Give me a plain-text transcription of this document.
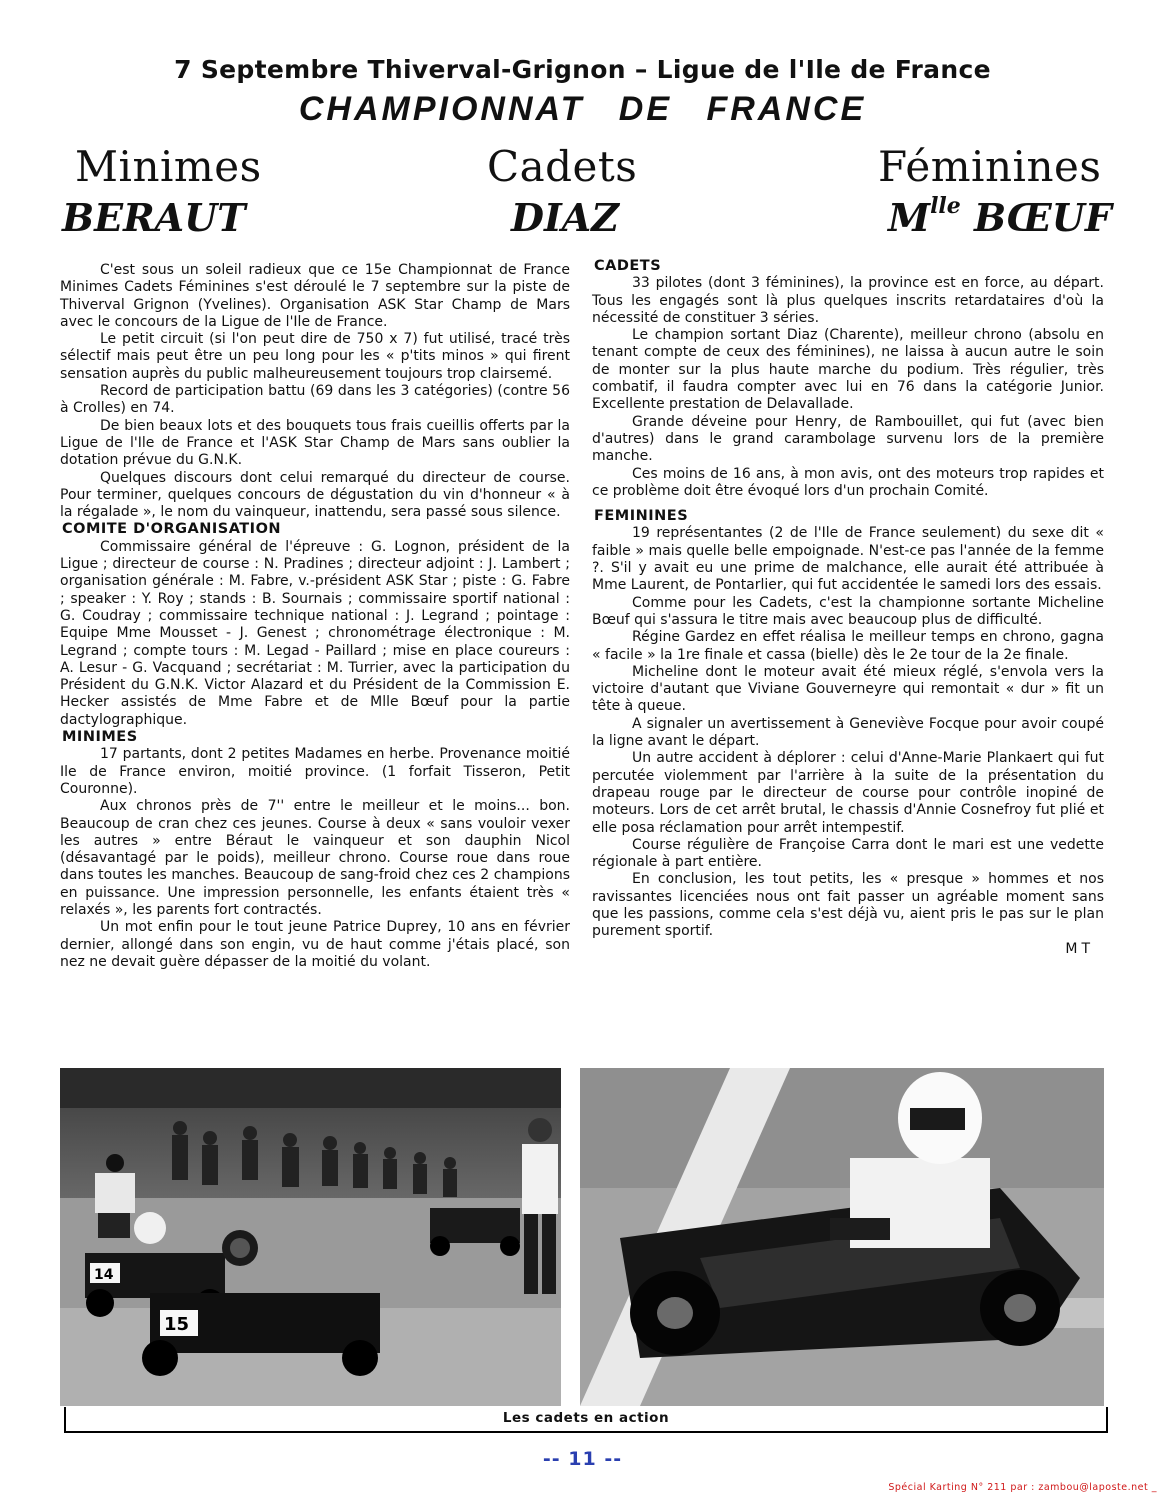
7 Septembre Thiverval-Grignon – Ligue de l'Ile de France
CHAMPIONNAT DE FRANCE
Minimes	Cadets	Féminines
BERAUT	DIAZ	$M^{lle}$ BŒUF

C'est sous un soleil radieux que ce 15e Championnat de France Minimes Cadets Féminines s'est déroulé le 7 septembre sur la piste de Thiverval Grignon (Yvelines). Organisation ASK Star Champ de Mars avec le concours de la Ligue de l'Ile de France.

Le petit circuit (si l'on peut dire de 750 x 7) fut utilisé, tracé très sélectif mais peut être un peu long pour les « p'tits minos » qui firent sensation auprès du public malheureusement toujours trop clairsemé.

Record de participation battu (69 dans les 3 catégories) (contre 56 à Crolles) en 74.

De bien beaux lots et des bouquets tous frais cueillis offerts par la Ligue de l'Ile de France et l'ASK Star Champ de Mars sans oublier la dotation prévue du G.N.K.

Quelques discours dont celui remarqué du directeur de course. Pour terminer, quelques concours de dégustation du vin d'honneur « à la régalade », le nom du vainqueur, inattendu, sera passé sous silence.

COMITE D'ORGANISATION

Commissaire général de l'épreuve : G. Lognon, président de la Ligue ; directeur de course : N. Pradines ; directeur adjoint : J. Lambert ; organisation générale : M. Fabre, v.-président ASK Star ; piste : G. Fabre ; speaker : Y. Roy ; stands : B. Sournais ; commissaire sportif national : G. Coudray ; commissaire technique national : J. Legrand ; pointage : Equipe Mme Mousset - J. Genest ; chronométrage électronique : M. Legrand ; compte tours : M. Legad - Paillard ; mise en place coureurs : A. Lesur - G. Vacquand ; secrétariat : M. Turrier, avec la participation du Président du G.N.K. Victor Alazard et du Président de la Commission E. Hecker assistés de Mme Fabre et de Mlle Bœuf pour la partie dactylographique.

MINIMES

17 partants, dont 2 petites Madames en herbe. Provenance moitié Ile de France environ, moitié province. (1 forfait Tisseron, Petit Couronne).

Aux chronos près de 7'' entre le meilleur et le moins... bon. Beaucoup de cran chez ces jeunes. Course à deux « sans vouloir vexer les autres » entre Béraut le vainqueur et son dauphin Nicol (désavantagé par le poids), meilleur chrono. Course roue dans roue dans toutes les manches. Beaucoup de sang-froid chez ces 2 champions en puissance. Une impression personnelle, les enfants étaient très « relaxés », les parents fort contractés.

Un mot enfin pour le tout jeune Patrice Duprey, 10 ans en février dernier, allongé dans son engin, vu de haut comme j'étais placé, son nez ne devait guère dépasser de la moitié du volant.

CADETS

33 pilotes (dont 3 féminines), la province est en force, au départ. Tous les engagés sont là plus quelques inscrits retardataires d'où la nécessité de constituer 3 séries.

Le champion sortant Diaz (Charente), meilleur chrono (absolu en tenant compte de ceux des féminines), ne laissa à aucun autre le soin de monter sur la plus haute marche du podium. Très régulier, très combatif, il faudra compter avec lui en 76 dans la catégorie Junior. Excellente prestation de Delavallade.

Grande déveine pour Henry, de Rambouillet, qui fut (avec bien d'autres) dans le grand carambolage survenu lors de la première manche.

Ces moins de 16 ans, à mon avis, ont des moteurs trop rapides et ce problème doit être évoqué lors d'un prochain Comité.

FEMININES

19 représentantes (2 de l'Ile de France seulement) du sexe dit « faible » mais quelle belle empoignade. N'est-ce pas l'année de la femme ?. S'il y avait eu une prime de malchance, elle aurait été attribuée à Mme Laurent, de Pontarlier, qui fut accidentée le samedi lors des essais.

Comme pour les Cadets, c'est la championne sortante Micheline Bœuf qui s'assura le titre mais avec beaucoup plus de difficulté.

Régine Gardez en effet réalisa le meilleur temps en chrono, gagna « facile » la 1re finale et cassa (bielle) dès le 2e tour de la 2e finale.

Micheline dont le moteur avait été mieux réglé, s'envola vers la victoire d'autant que Viviane Gouverneyre qui remontait « dur » fit un tête à queue.

A signaler un avertissement à Geneviève Focque pour avoir coupé la ligne avant le départ.

Un autre accident à déplorer : celui d'Anne-Marie Plankaert qui fut percutée violemment par l'arrière à la suite de la présentation du drapeau rouge par le directeur de course pour contrôle inopiné de moteurs. Lors de cet arrêt brutal, le chassis d'Annie Cosnefroy fut plié et elle posa réclamation pour arrêt intempestif.

Course régulière de Françoise Carra dont le mari est une vedette régionale à part entière.

En conclusion, les tout petits, les « presque » hommes et nos ravissantes licenciées nous ont fait passer un agréable moment sans que les passions, comme cela s'est déjà vu, aient pris le pas sur le plan purement sportif.

MT
14
15
Les cadets en action
-- 11 --
Spécial Karting N° 211 par : zambou@laposte.net _
